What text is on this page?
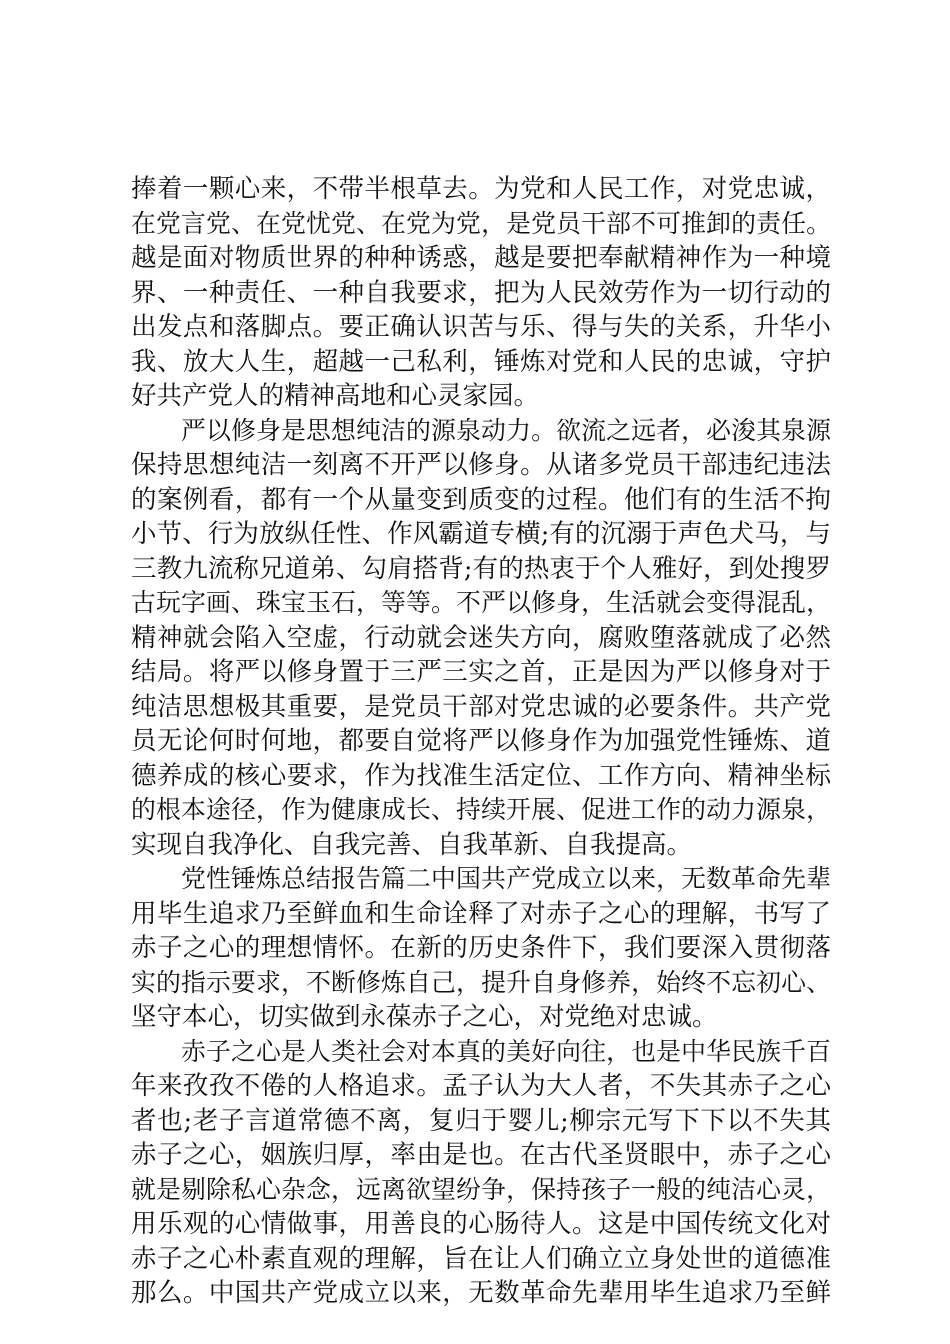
捧着一颗心来，不带半根草去。为党和人民工作，对党忠诚，
在党言党、在党忧党、在党为党，是党员干部不可推卸的责任。
越是面对物质世界的种种诱惑，越是要把奉献精神作为一种境
界、一种责任、一种自我要求，把为人民效劳作为一切行动的
出发点和落脚点。要正确认识苦与乐、得与失的关系，升华小
我、放大人生，超越一己私利，锤炼对党和人民的忠诚，守护
好共产党人的精神高地和心灵家园。
严以修身是思想纯洁的源泉动力。欲流之远者，必浚其泉源
保持思想纯洁一刻离不开严以修身。从诸多党员干部违纪违法
的案例看，都有一个从量变到质变的过程。他们有的生活不拘
小节、行为放纵任性、作风霸道专横;有的沉溺于声色犬马，与
三教九流称兄道弟、勾肩搭背;有的热衷于个人雅好，到处搜罗
古玩字画、珠宝玉石，等等。不严以修身，生活就会变得混乱，
精神就会陷入空虚，行动就会迷失方向，腐败堕落就成了必然
结局。将严以修身置于三严三实之首，正是因为严以修身对于
纯洁思想极其重要，是党员干部对党忠诚的必要条件。共产党
员无论何时何地，都要自觉将严以修身作为加强党性锤炼、道
德养成的核心要求，作为找准生活定位、工作方向、精神坐标
的根本途径，作为健康成长、持续开展、促进工作的动力源泉，
实现自我净化、自我完善、自我革新、自我提高。
党性锤炼总结报告篇二中国共产党成立以来，无数革命先辈
用毕生追求乃至鲜血和生命诠释了对赤子之心的理解，书写了
赤子之心的理想情怀。在新的历史条件下，我们要深入贯彻落
实的指示要求，不断修炼自己，提升自身修养，始终不忘初心、
坚守本心，切实做到永葆赤子之心，对党绝对忠诚。
赤子之心是人类社会对本真的美好向往，也是中华民族千百
年来孜孜不倦的人格追求。孟子认为大人者，不失其赤子之心
者也;老子言道常德不离，复归于婴儿;柳宗元写下下以不失其
赤子之心，姻族归厚，率由是也。在古代圣贤眼中，赤子之心
就是剔除私心杂念，远离欲望纷争，保持孩子一般的纯洁心灵，
用乐观的心情做事，用善良的心肠待人。这是中国传统文化对
赤子之心朴素直观的理解，旨在让人们确立立身处世的道德准
那么。中国共产党成立以来，无数革命先辈用毕生追求乃至鲜
